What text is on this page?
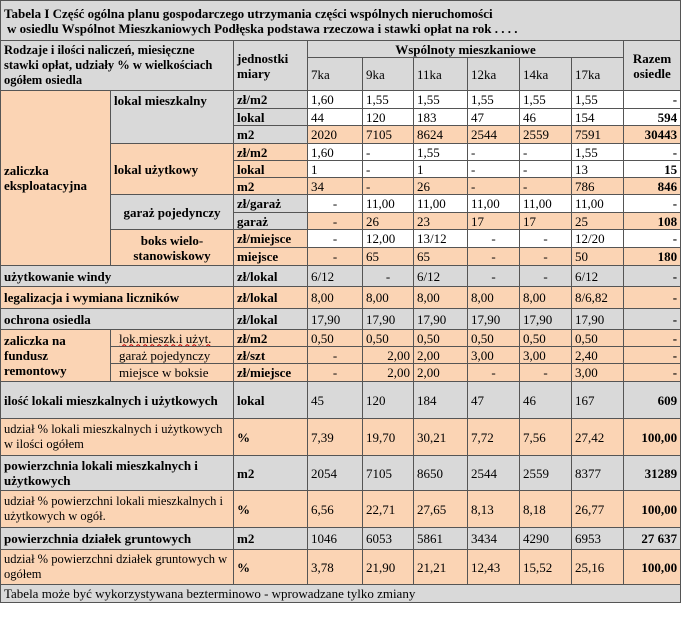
Tabela I Część ogólna planu gospodarczego utrzymania części wspólnych nieruchomości
w osiedlu Wspólnot Mieszkaniowych Podłęska podstawa rzeczowa i stawki opłat na rok . . . .									

Rodzaje i ilości naliczeń, miesięczne stawki opłat, udziały % w wielkościach ogółem osiedla		jednostki miary	Wspólnoty mieszkaniowe						Razem osiedle
			7ka	9ka	11ka	12ka	14ka	17ka	
zaliczka eksploatacyjna	lokal mieszkalny	zł/m2	1,60	1,55	1,55	1,55	1,55	1,55	-
		lokal	44	120	183	47	46	154	594
		m2	2020	7105	8624	2544	2559	7591	30443
	lokal użytkowy	zł/m2	1,60	-	1,55	-	-	1,55	-
		lokal	1	-	1	-	-	13	15
		m2	34	-	26	-	-	786	846
	garaż pojedynczy	zł/garaż	-	11,00	11,00	11,00	11,00	11,00	-
		garaż	-	26	23	17	17	25	108
	boks wielo-stanowiskowy	zł/miejsce	-	12,00	13/12	-	-	12/20	-
		miejsce	-	65	65	-	-	50	180
użytkowanie windy		zł/lokal	6/12	-	6/12	-	-	6/12	-
legalizacja i wymiana liczników		zł/lokal	8,00	8,00	8,00	8,00	8,00	8/6,82	-
ochrona osiedla		zł/lokal	17,90	17,90	17,90	17,90	17,90	17,90	-
zaliczka na fundusz remontowy	lok.mieszk.i użyt.	zł/m2	0,50	0,50	0,50	0,50	0,50	0,50	-
	garaż pojedynczy	zł/szt	-	2,00	2,00	3,00	3,00	2,40	-
	miejsce w boksie	zł/miejsce	-	2,00	2,00	-	-	3,00	-
ilość lokali mieszkalnych i użytkowych		lokal	45	120	184	47	46	167	609
udział % lokali mieszkalnych i użytkowych w ilości ogółem		%	7,39	19,70	30,21	7,72	7,56	27,42	100,00
powierzchnia lokali mieszkalnych i użytkowych		m2	2054	7105	8650	2544	2559	8377	31289
udział % powierzchni lokali mieszkalnych i użytkowych w ogół.		%	6,56	22,71	27,65	8,13	8,18	26,77	100,00
powierzchnia działek gruntowych		m2	1046	6053	5861	3434	4290	6953	27 637
udział % powierzchni działek gruntowych w ogółem		%	3,78	21,90	21,21	12,43	15,52	25,16	100,00
Tabela może być wykorzystywana bezterminowo - wprowadzane tylko zmiany									
